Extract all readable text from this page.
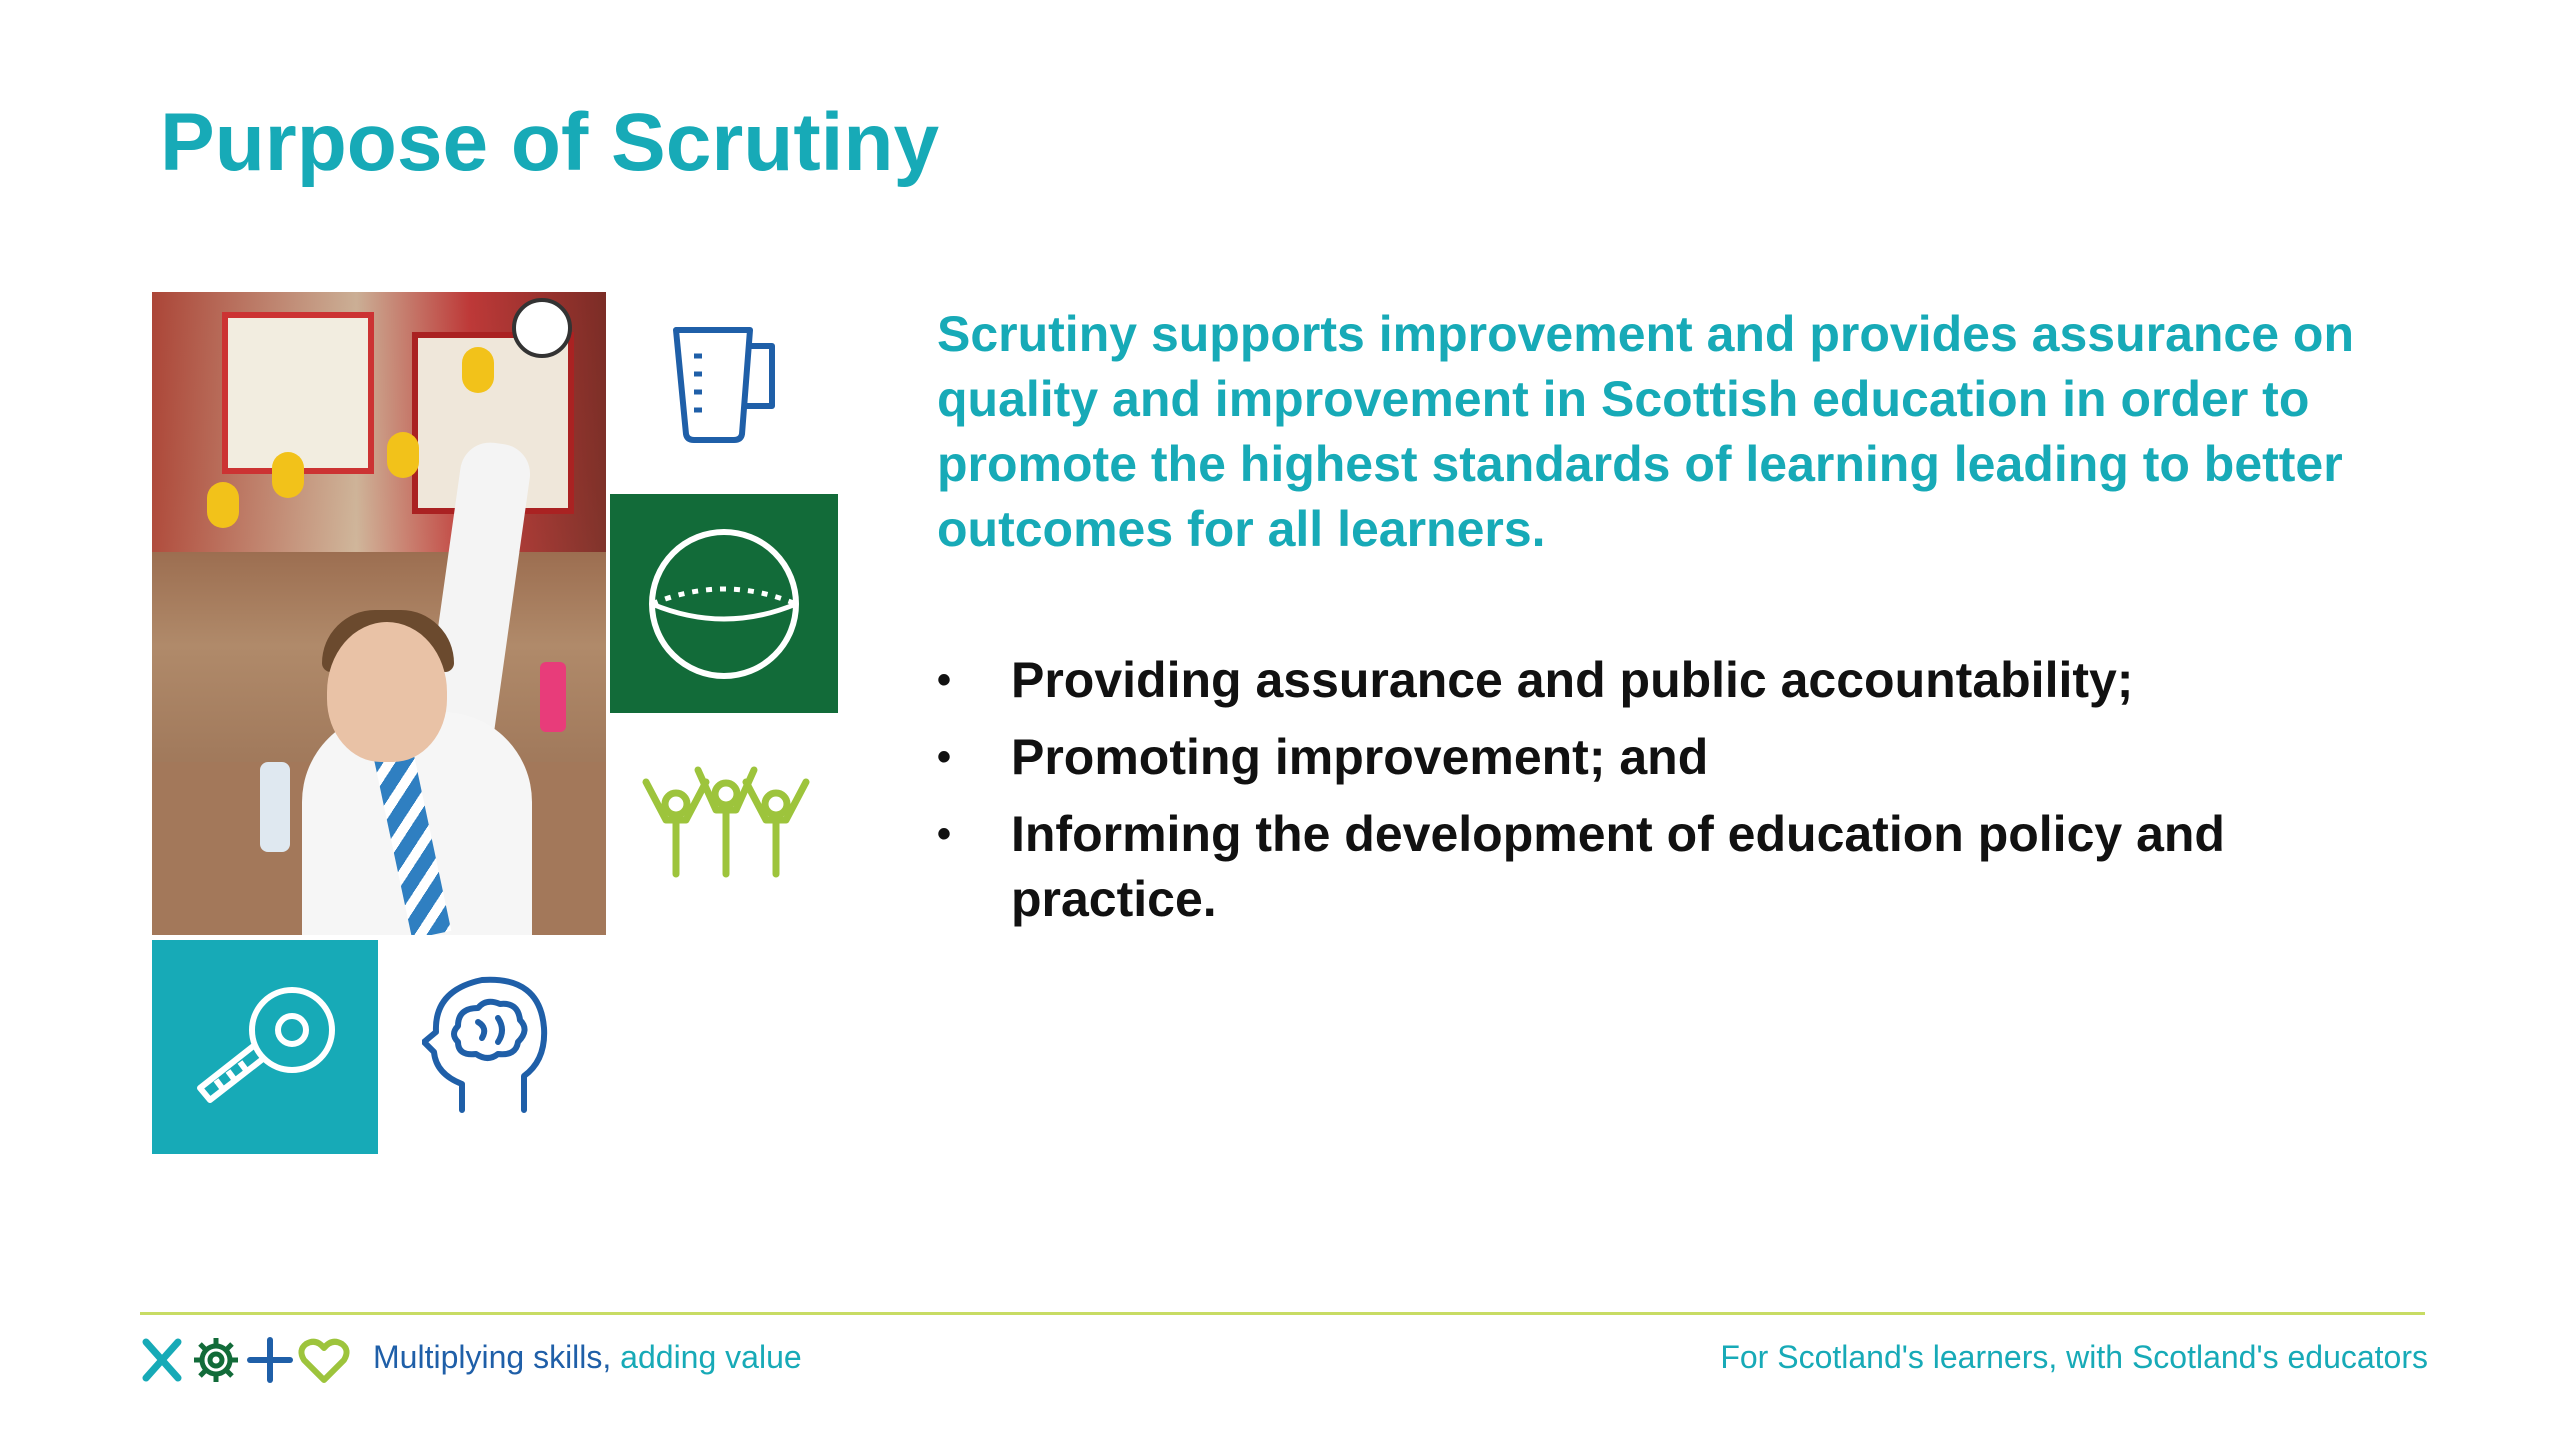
Purpose of Scrutiny

Scrutiny supports improvement and provides assurance on quality and improvement in Scottish education in order to promote the highest standards of learning leading to better outcomes for all learners.

• Providing assurance and public accountability;
• Promoting improvement; and
• Informing the development of education policy and practice.
Multiplying skills, adding value	For Scotland's learners, with Scotland's educators
